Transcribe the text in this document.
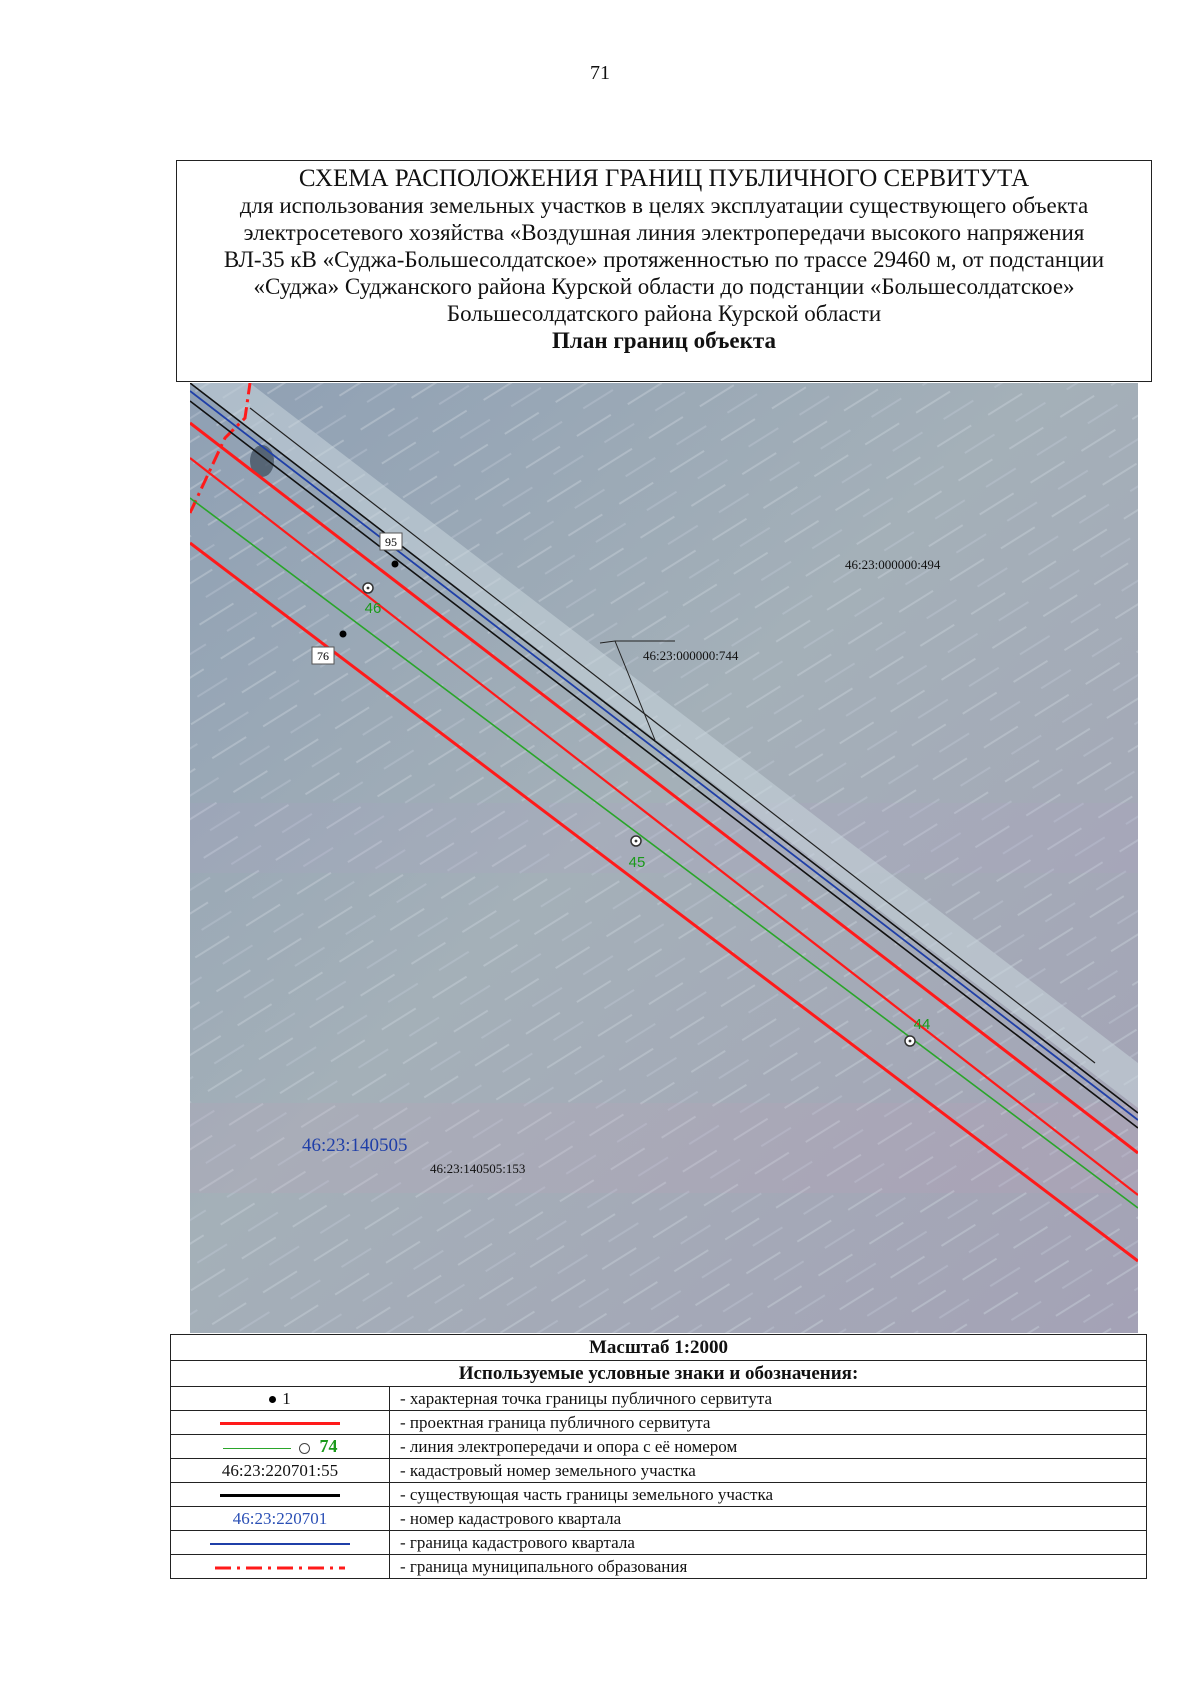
71
СХЕМА РАСПОЛОЖЕНИЯ ГРАНИЦ ПУБЛИЧНОГО СЕРВИТУТА
для использования земельных участков в целях эксплуатации существующего объекта
электросетевого хозяйства «Воздушная линия электропередачи высокого напряжения
ВЛ-35 кВ «Суджа-Большесолдатское» протяженностью по трассе 29460 м, от подстанции
«Суджа» Суджанского района Курской области до подстанции «Большесолдатское»
Большесолдатского района Курской области
План границ объекта
95
76
46
45
44
46:23:000000:494
46:23:000000:744
46:23:140505
46:23:140505:153
Масштаб 1:2000	
Используемые условные знаки и обозначения:	
1	- характерная точка границы публичного сервитута
	- проектная граница публичного сервитута
74	- линия электропередачи и опора с её номером
46:23:220701:55	- кадастровый номер земельного участка
	- существующая часть границы земельного участка
46:23:220701	- номер кадастрового квартала
	- граница кадастрового квартала
	- граница муниципального образования
